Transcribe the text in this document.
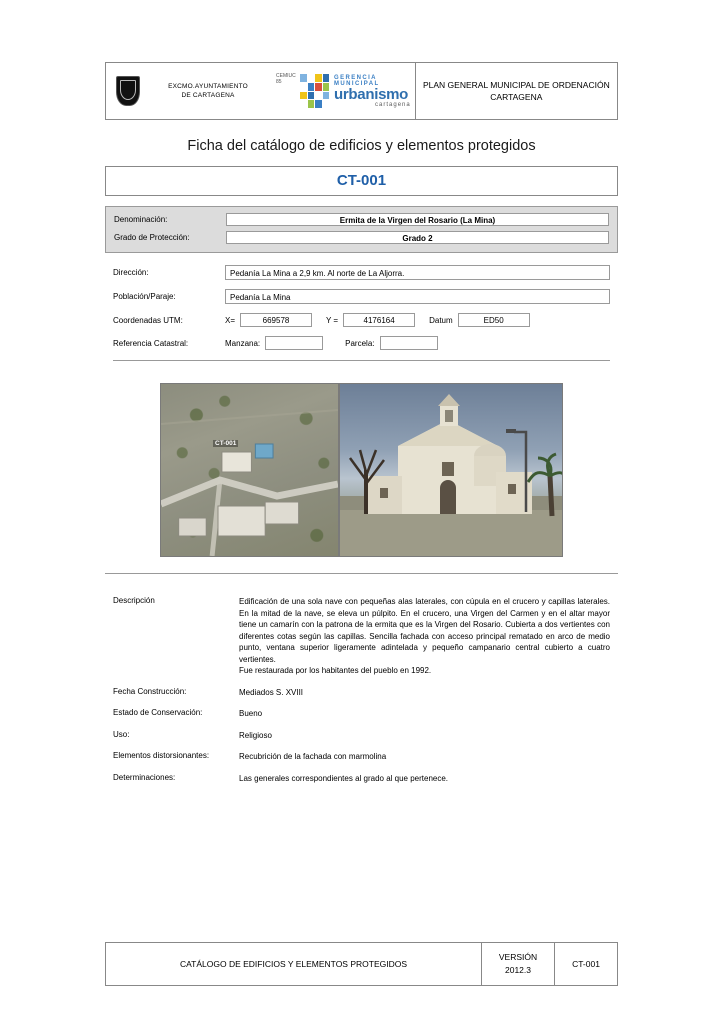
EXCMO.AYUNTAMIENTO
DE CARTAGENA
CEMIUC 85
GERENCIA MUNICIPAL
urbanismo
cartagena
PLAN GENERAL MUNICIPAL DE ORDENACIÓN
CARTAGENA
Ficha del catálogo de edificios y elementos protegidos
CT-001
Denominación:	Ermita de la Virgen del Rosario (La Mina)
Grado de Protección:	Grado 2
Dirección:	Pedanía La Mina a 2,9 km. Al norte de La Aljorra.
Población/Paraje:	Pedanía La Mina
Coordenadas UTM:	X=	669578	Y =	4176164	Datum	ED50
Referencia Catastral:	Manzana:	Parcela:
CT-001
Descripción	Edificación de una sola nave con pequeñas alas laterales, con cúpula en el crucero y capillas laterales. En la mitad de la nave, se eleva un púlpito. En el crucero, una Virgen del Carmen y en el altar mayor tiene un camarín con la patrona de la ermita que es la Virgen del Rosario. Cubierta a dos vertientes con diferentes cotas según las capillas. Sencilla fachada con acceso principal rematado en arco de medio punto, ventana superior ligeramente adintelada y pequeño campanario central cubierto a cuatro vertientes.
Fue restaurada por los habitantes del pueblo en 1992.
Fecha Construcción:	Mediados S. XVIII
Estado de Conservación:	Bueno
Uso:	Religioso
Elementos distorsionantes:	Recubrición de la fachada con marmolina
Determinaciones:	Las generales correspondientes al grado al que pertenece.
CATÁLOGO DE EDIFICIOS Y ELEMENTOS PROTEGIDOS
VERSIÓN
2012.3
CT-001
